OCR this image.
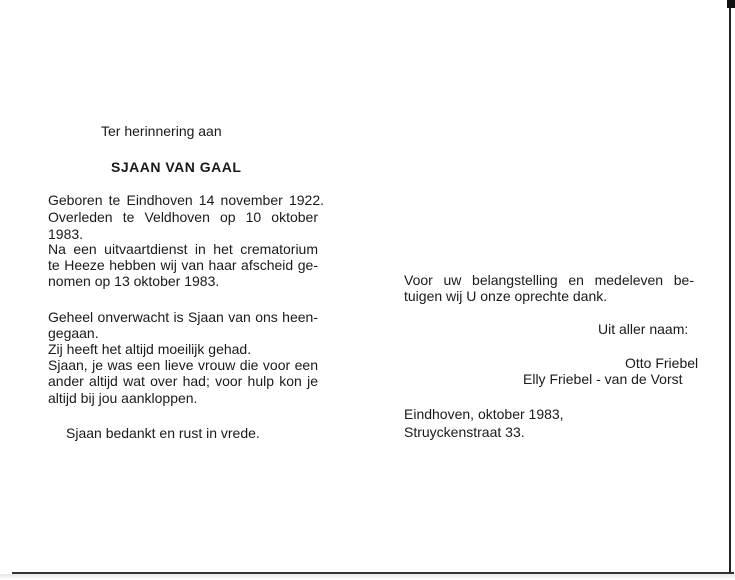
Ter herinnering aan
SJAAN VAN GAAL
Geboren te Eindhoven 14 november 1922.
Overleden te Veldhoven op 10 oktober
1983.
Na een uitvaartdienst in het crematorium
te Heeze hebben wij van haar afscheid ge-
nomen op 13 oktober 1983.
Geheel onverwacht is Sjaan van ons heen-
gegaan.
Zij heeft het altijd moeilijk gehad.
Sjaan, je was een lieve vrouw die voor een
ander altijd wat over had; voor hulp kon je
altijd bij jou aankloppen.
Sjaan bedankt en rust in vrede.
Voor uw belangstelling en medeleven be-
tuigen wij U onze oprechte dank.
Uit aller naam:
Otto Friebel
Elly Friebel - van de Vorst
Eindhoven, oktober 1983,
Struyckenstraat 33.
